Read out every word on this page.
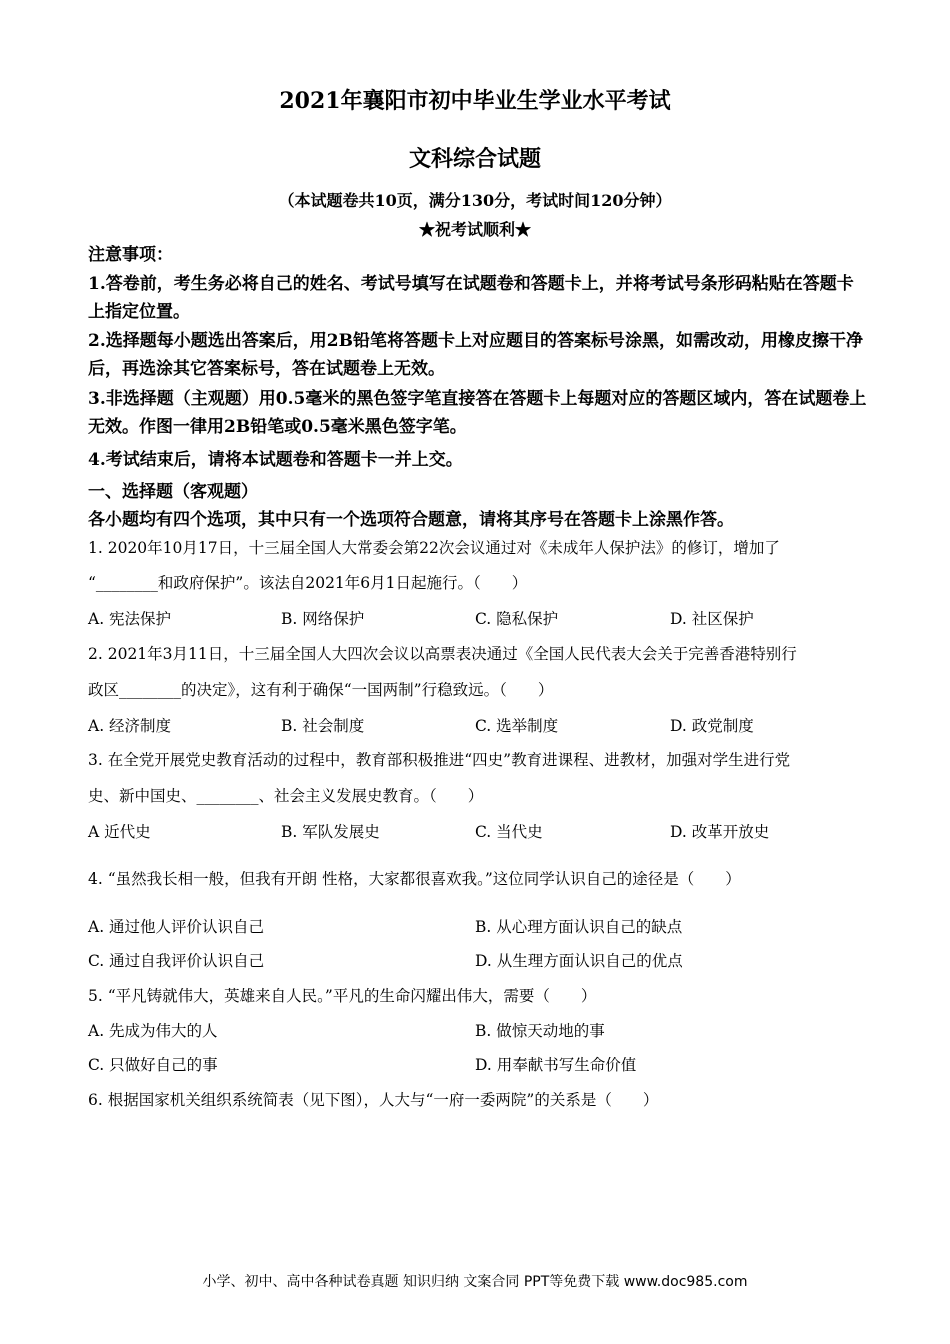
2021年襄阳市初中毕业生学业水平考试
文科综合试题
（本试题卷共10页，满分130分，考试时间120分钟）
★祝考试顺利★
注意事项：
1.答卷前，考生务必将自己的姓名、考试号填写在试题卷和答题卡上，并将考试号条形码粘贴在答题卡上指定位置。
2.选择题每小题选出答案后，用2B铅笔将答题卡上对应题目的答案标号涂黑，如需改动，用橡皮擦干净后，再选涂其它答案标号，答在试题卷上无效。
3.非选择题（主观题）用0.5毫米的黑色签字笔直接答在答题卡上每题对应的答题区域内，答在试题卷上无效。作图一律用2B铅笔或0.5毫米黑色签字笔。
4.考试结束后，请将本试题卷和答题卡一并上交。
一、选择题（客观题）
各小题均有四个选项，其中只有一个选项符合题意，请将其序号在答题卡上涂黑作答。
1. 2020年10月17日，十三届全国人大常委会第22次会议通过对《未成年人保护法》的修订，增加了
“________和政府保护”。该法自2021年6月1日起施行。（　　）
A. 宪法保护	B. 网络保护	C. 隐私保护	D. 社区保护
2. 2021年3月11日，十三届全国人大四次会议以高票表决通过《全国人民代表大会关于完善香港特别行
政区________的决定》，这有利于确保“一国两制”行稳致远。（　　）
A. 经济制度	B. 社会制度	C. 选举制度	D. 政党制度
3. 在全党开展党史教育活动的过程中，教育部积极推进“四史”教育进课程、进教材，加强对学生进行党
史、新中国史、________、社会主义发展史教育。（　　）
A 近代史	B. 军队发展史	C. 当代史	D. 改革开放史
4. “虽然我长相一般，但我有开朗 性格，大家都很喜欢我。”这位同学认识自己的途径是（　　）
A. 通过他人评价认识自己	B. 从心理方面认识自己的缺点
C. 通过自我评价认识自己	D. 从生理方面认识自己的优点
5. “平凡铸就伟大，英雄来自人民。”平凡的生命闪耀出伟大，需要（　　）
A. 先成为伟大的人	B. 做惊天动地的事
C. 只做好自己的事	D. 用奉献书写生命价值
6. 根据国家机关组织系统简表（见下图），人大与“一府一委两院”的关系是（　　）
小学、初中、高中各种试卷真题 知识归纳 文案合同 PPT等免费下载 www.doc985.com
